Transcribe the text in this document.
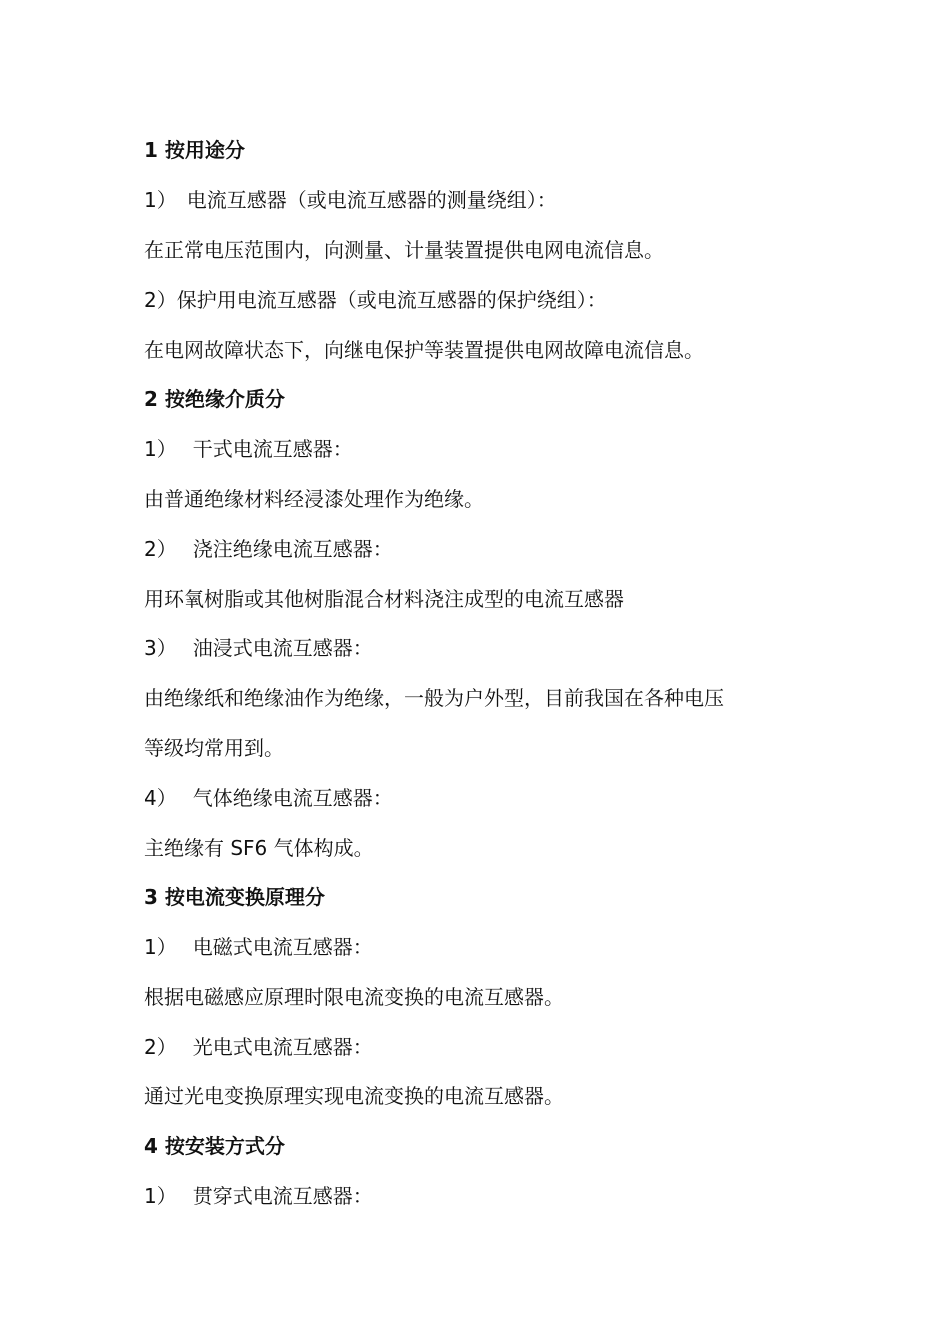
1 按用途分
1） 电流互感器（或电流互感器的测量绕组）：
在正常电压范围内，向测量、计量装置提供电网电流信息。
2）保护用电流互感器（或电流互感器的保护绕组）：
在电网故障状态下，向继电保护等装置提供电网故障电流信息。
2 按绝缘介质分
1） 干式电流互感器：
由普通绝缘材料经浸漆处理作为绝缘。
2） 浇注绝缘电流互感器：
用环氧树脂或其他树脂混合材料浇注成型的电流互感器
3） 油浸式电流互感器：
由绝缘纸和绝缘油作为绝缘，一般为户外型，目前我国在各种电压
等级均常用到。
4） 气体绝缘电流互感器：
主绝缘有 SF6 气体构成。
3 按电流变换原理分
1） 电磁式电流互感器：
根据电磁感应原理时限电流变换的电流互感器。
2） 光电式电流互感器：
通过光电变换原理实现电流变换的电流互感器。
4 按安装方式分
1） 贯穿式电流互感器：
